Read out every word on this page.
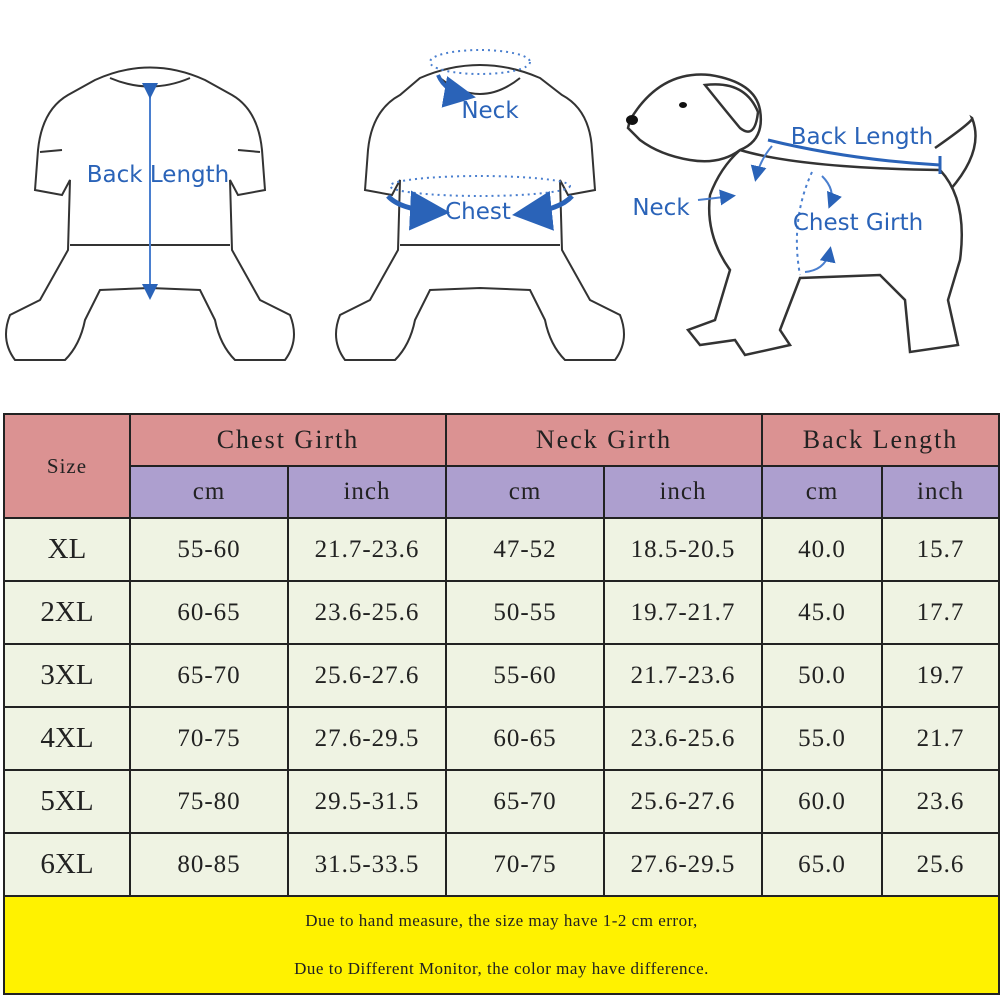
Back Length
Neck
Chest
Back Length
Neck
Chest Girth
Size	Chest Girth		Neck Girth		Back Length	
	cm	inch	cm	inch	cm	inch
XL	55-60	21.7-23.6	47-52	18.5-20.5	40.0	15.7
2XL	60-65	23.6-25.6	50-55	19.7-21.7	45.0	17.7
3XL	65-70	25.6-27.6	55-60	21.7-23.6	50.0	19.7
4XL	70-75	27.6-29.5	60-65	23.6-25.6	55.0	21.7
5XL	75-80	29.5-31.5	65-70	25.6-27.6	60.0	23.6
6XL	80-85	31.5-33.5	70-75	27.6-29.5	65.0	25.6

Due to hand measure, the size may have 1-2 cm error,
Due to Different Monitor, the color may have difference.						
